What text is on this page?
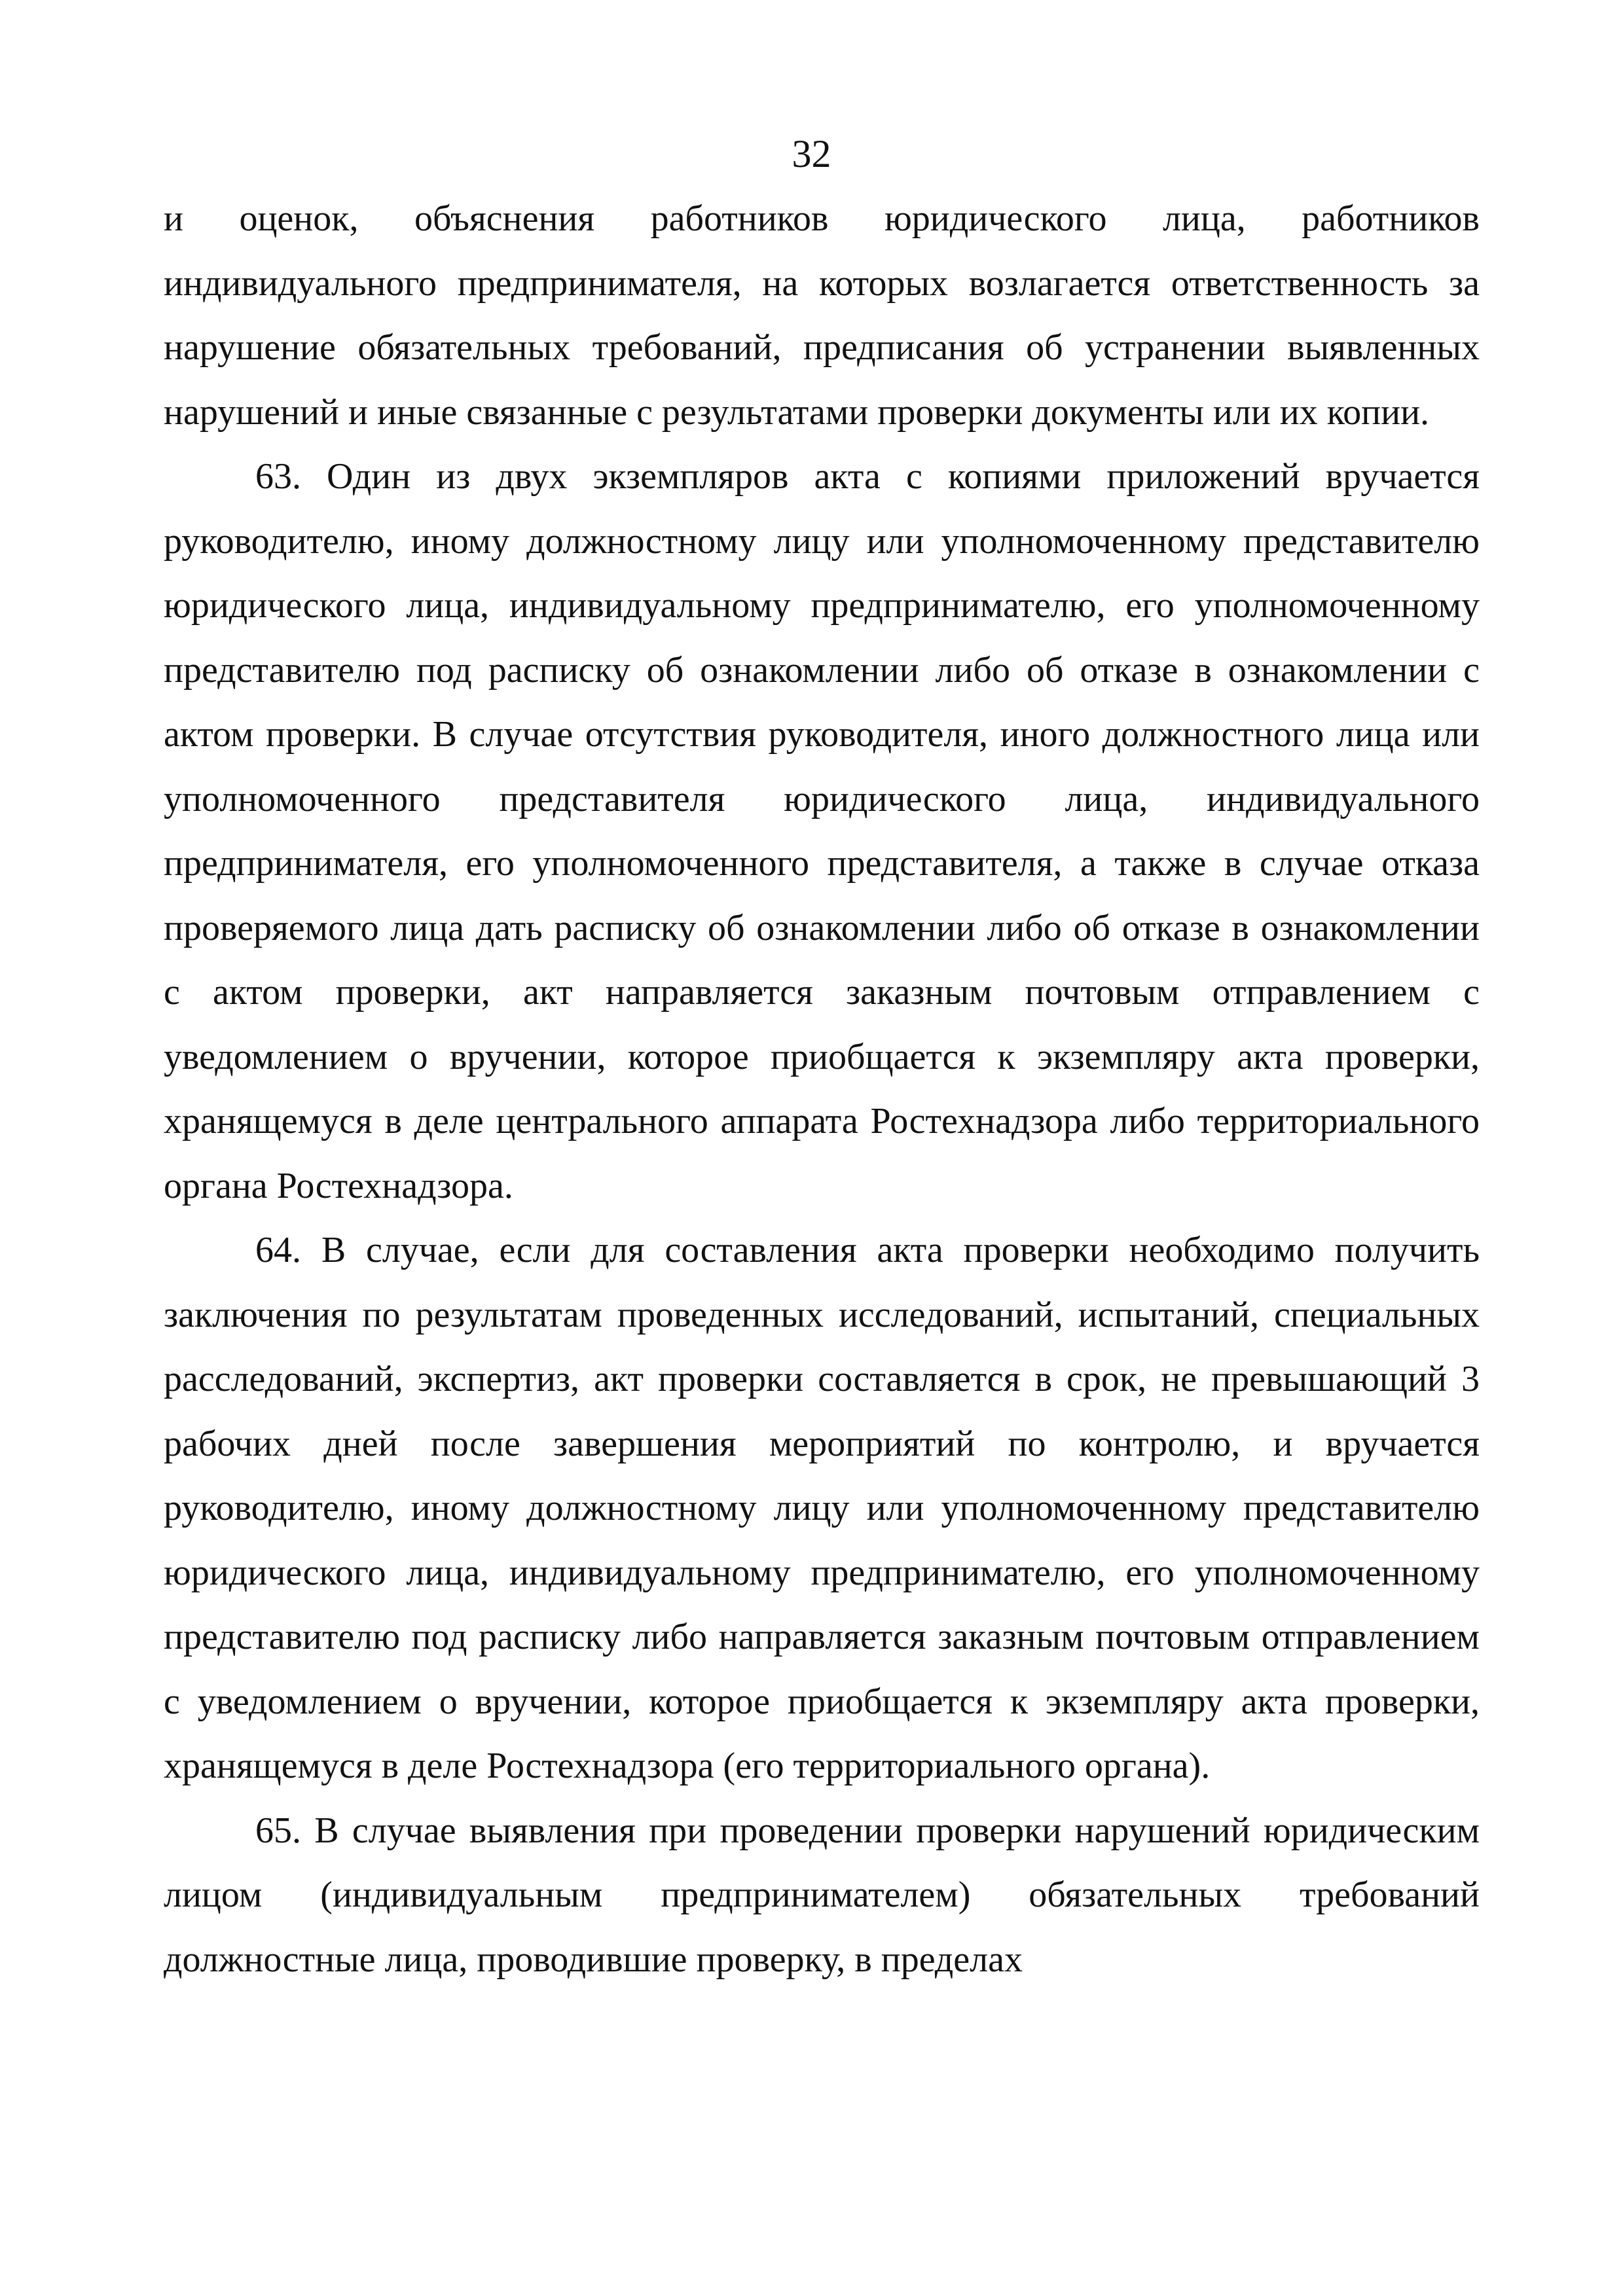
32

и оценок, объяснения работников юридического лица, работников индивидуального предпринимателя, на которых возлагается ответственность за нарушение обязательных требований, предписания об устранении выявленных нарушений и иные связанные с результатами проверки документы или их копии.

63. Один из двух экземпляров акта с копиями приложений вручается руководителю, иному должностному лицу или уполномоченному представителю юридического лица, индивидуальному предпринимателю, его уполномоченному представителю под расписку об ознакомлении либо об отказе в ознакомлении с актом проверки. В случае отсутствия руководителя, иного должностного лица или уполномоченного представителя юридического лица, индивидуального предпринимателя, его уполномоченного представителя, а также в случае отказа проверяемого лица дать расписку об ознакомлении либо об отказе в ознакомлении с актом проверки, акт направляется заказным почтовым отправлением с уведомлением о вручении, которое приобщается к экземпляру акта проверки, хранящемуся в деле центрального аппарата Ростехнадзора либо территориального органа Ростехнадзора.

64. В случае, если для составления акта проверки необходимо получить заключения по результатам проведенных исследований, испытаний, специальных расследований, экспертиз, акт проверки составляется в срок, не превышающий 3 рабочих дней после завершения мероприятий по контролю, и вручается руководителю, иному должностному лицу или уполномоченному представителю юридического лица, индивидуальному предпринимателю, его уполномоченному представителю под расписку либо направляется заказным почтовым отправлением с уведомлением о вручении, которое приобщается к экземпляру акта проверки, хранящемуся в деле Ростехнадзора (его территориального органа).

65. В случае выявления при проведении проверки нарушений юридическим лицом (индивидуальным предпринимателем) обязательных требований должностные лица, проводившие проверку, в пределах
